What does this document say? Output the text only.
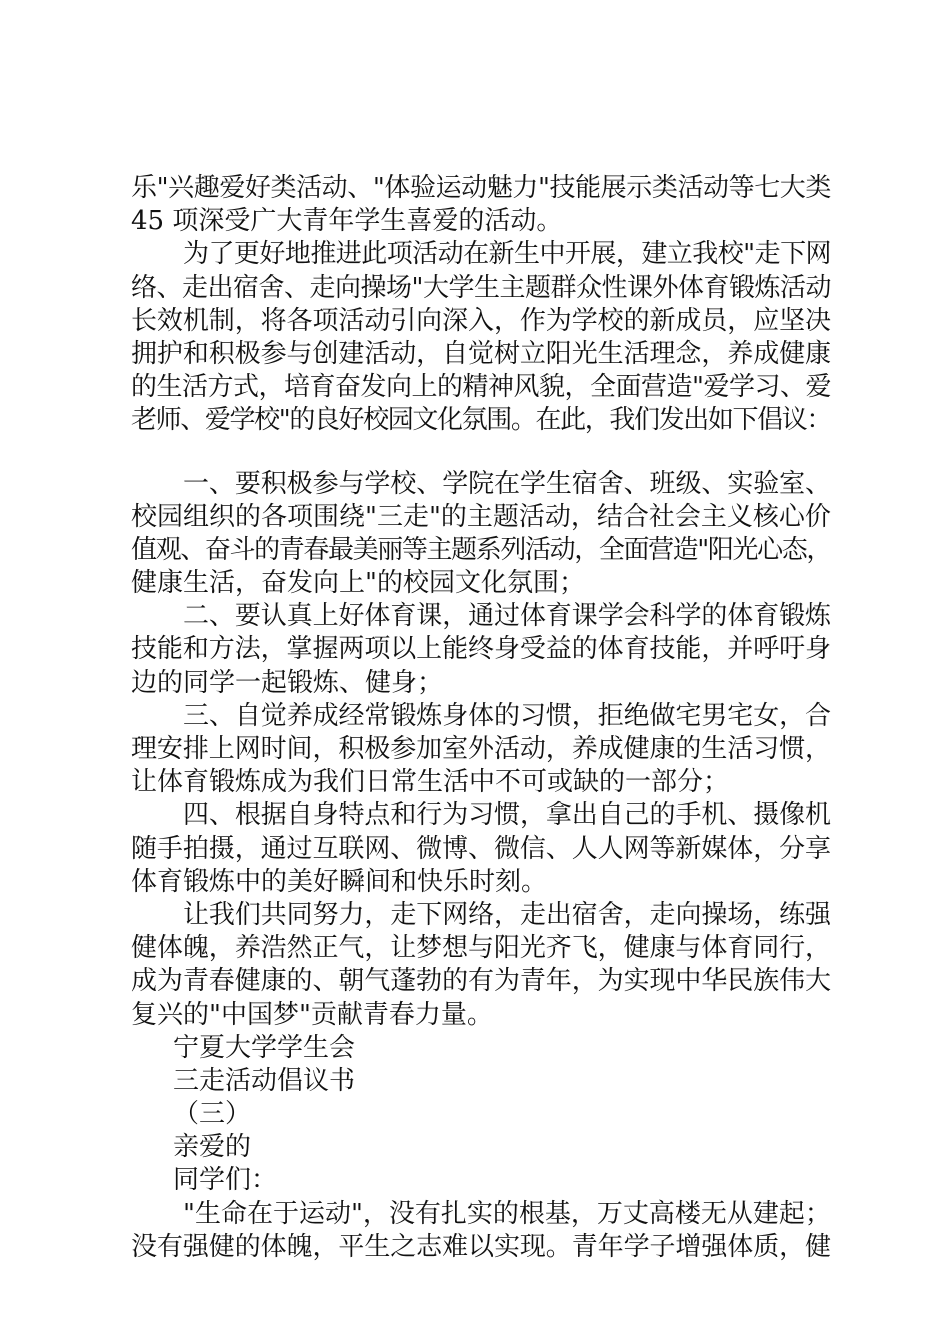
乐"兴趣爱好类活动、"体验运动魅力"技能展示类活动等七大类
45 项深受广大青年学生喜爱的活动。
为了更好地推进此项活动在新生中开展，建立我校"走下网
络、走出宿舍、走向操场"大学生主题群众性课外体育锻炼活动
长效机制，将各项活动引向深入，作为学校的新成员，应坚决
拥护和积极参与创建活动，自觉树立阳光生活理念，养成健康
的生活方式，培育奋发向上的精神风貌，全面营造"爱学习、爱
老师、爱学校"的良好校园文化氛围。在此，我们发出如下倡议：
一、要积极参与学校、学院在学生宿舍、班级、实验室、
校园组织的各项围绕"三走"的主题活动，结合社会主义核心价
值观、奋斗的青春最美丽等主题系列活动，全面营造"阳光心态，
健康生活，奋发向上"的校园文化氛围；
二、要认真上好体育课，通过体育课学会科学的体育锻炼
技能和方法，掌握两项以上能终身受益的体育技能，并呼吁身
边的同学一起锻炼、健身；
三、自觉养成经常锻炼身体的习惯，拒绝做宅男宅女，合
理安排上网时间，积极参加室外活动，养成健康的生活习惯，
让体育锻炼成为我们日常生活中不可或缺的一部分；
四、根据自身特点和行为习惯，拿出自己的手机、摄像机
随手拍摄，通过互联网、微博、微信、人人网等新媒体，分享
体育锻炼中的美好瞬间和快乐时刻。
让我们共同努力，走下网络，走出宿舍，走向操场，练强
健体魄，养浩然正气，让梦想与阳光齐飞，健康与体育同行，
成为青春健康的、朝气蓬勃的有为青年，为实现中华民族伟大
复兴的"中国梦"贡献青春力量。
宁夏大学学生会
三走活动倡议书
（三）
亲爱的
同学们：
"生命在于运动"，没有扎实的根基，万丈高楼无从建起；
没有强健的体魄，平生之志难以实现。青年学子增强体质，健
